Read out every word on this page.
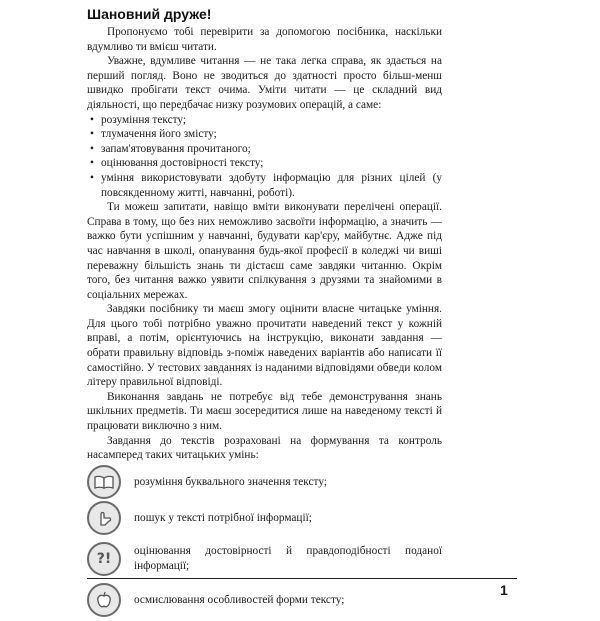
Шановний друже!

Пропонуємо тобі перевірити за допомогою посібника, наскільки вдумливо ти вмієш читати.

Уважне, вдумливе читання — не така легка справа, як здається на перший погляд. Воно не зводиться до здатності просто більш-менш швидко пробігати текст очима. Уміти читати — це складний вид діяльності, що передбачає низку розумових операцій, а саме:

• розуміння тексту;
• тлумачення його змісту;
• запам'ятовування прочитаного;
• оцінювання достовірності тексту;
• уміння використовувати здобуту інформацію для різних цілей (у повсякденному житті, навчанні, роботі).

Ти можеш запитати, навіщо вміти виконувати перелічені операції. Справа в тому, що без них неможливо засвоїти інформацію, а значить — важко бути успішним у навчанні, будувати кар'єру, майбутнє. Адже під час навчання в школі, опанування будь-якої професії в коледжі чи виші переважну більшість знань ти дістаєш саме завдяки читанню. Окрім того, без читання важко уявити спілкування з друзями та знайомими в соціальних мережах.

Завдяки посібнику ти маєш змогу оцінити власне читацьке уміння. Для цього тобі потрібно уважно прочитати наведений текст у кожній вправі, а потім, орієнтуючись на інструкцію, виконати завдання — обрати правильну відповідь з-поміж наведених варіантів або написати її самостійно. У тестових завданнях із наданими відповідями обведи колом літеру правильної відповіді.

Виконання завдань не потребує від тебе демонстрування знань шкільних предметів. Ти маєш зосередитися лише на наведеному тексті й працювати виключно з ним.

Завдання до текстів розраховані на формування та контроль насамперед таких читацьких умінь:

розуміння буквального значення тексту;
пошук у тексті потрібної інформації;
?!	оцінювання достовірності й правдоподібності поданої інформації;
осмислювання особливостей форми тексту;
1
